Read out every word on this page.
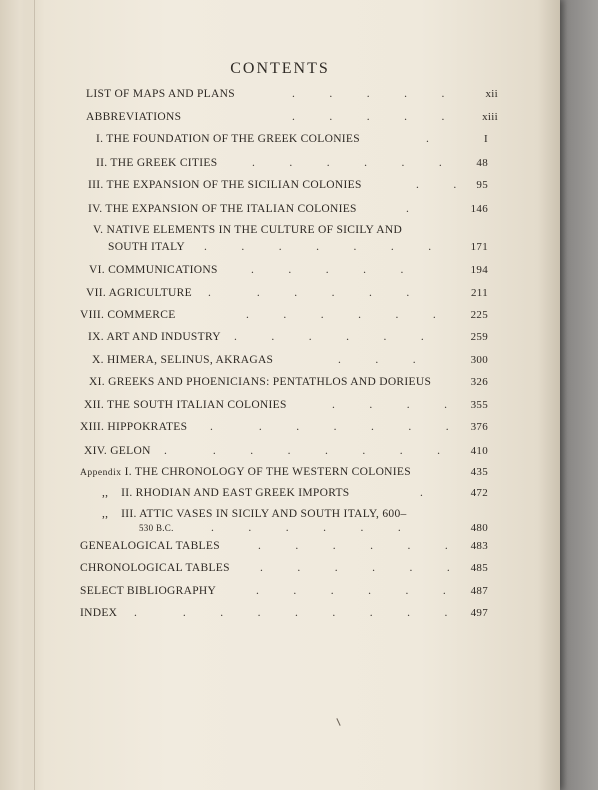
CONTENTS
LIST OF MAPS AND PLANS	.   .   .   .   .	xii
ABBREVIATIONS	.   .   .   .   .	xiii
I. THE FOUNDATION OF THE GREEK COLONIES	.	I
II. THE GREEK CITIES	.   .   .   .   .   .	48
III. THE EXPANSION OF THE SICILIAN COLONIES	.   . 95
IV. THE EXPANSION OF THE ITALIAN COLONIES	.	146
V. NATIVE ELEMENTS IN THE CULTURE OF SICILY AND
SOUTH ITALY .   .   .   .   .   .   .	171
VI. COMMUNICATIONS	.   .   .   .   .	194
VII. AGRICULTURE .    .   .   .   .   .	211
VIII. COMMERCE	.   .   .   .   .   .	225
IX. ART AND INDUSTRY .   .   .   .   .   .	259
X. HIMERA, SELINUS, AKRAGAS	.   .   .	300
XI. GREEKS AND PHOENICIANS: PENTATHLOS AND DORIEUS	326
XII. THE SOUTH ITALIAN COLONIES	.   .   .   . 355
XIII. HIPPOKRATES .    .   .   .   .   .   . 376
XIV. GELON .    .   .   .   .   .   .   .	410
Appendix I. THE CHRONOLOGY OF THE WESTERN COLONIES	435
,, II. RHODIAN AND EAST GREEK IMPORTS	.	472
,, III. ATTIC VASES IN SICILY AND SOUTH ITALY, 600–
530 B.C.	.   .   .   .   .   .	480
GENEALOGICAL TABLES	.   .   .   .   .   . 483
CHRONOLOGICAL TABLES	.   .   .   .   .   . 485
SELECT BIBLIOGRAPHY	.   .   .   .   .   . 487
INDEX .    .   .   .   .   .   .   .   . 497
